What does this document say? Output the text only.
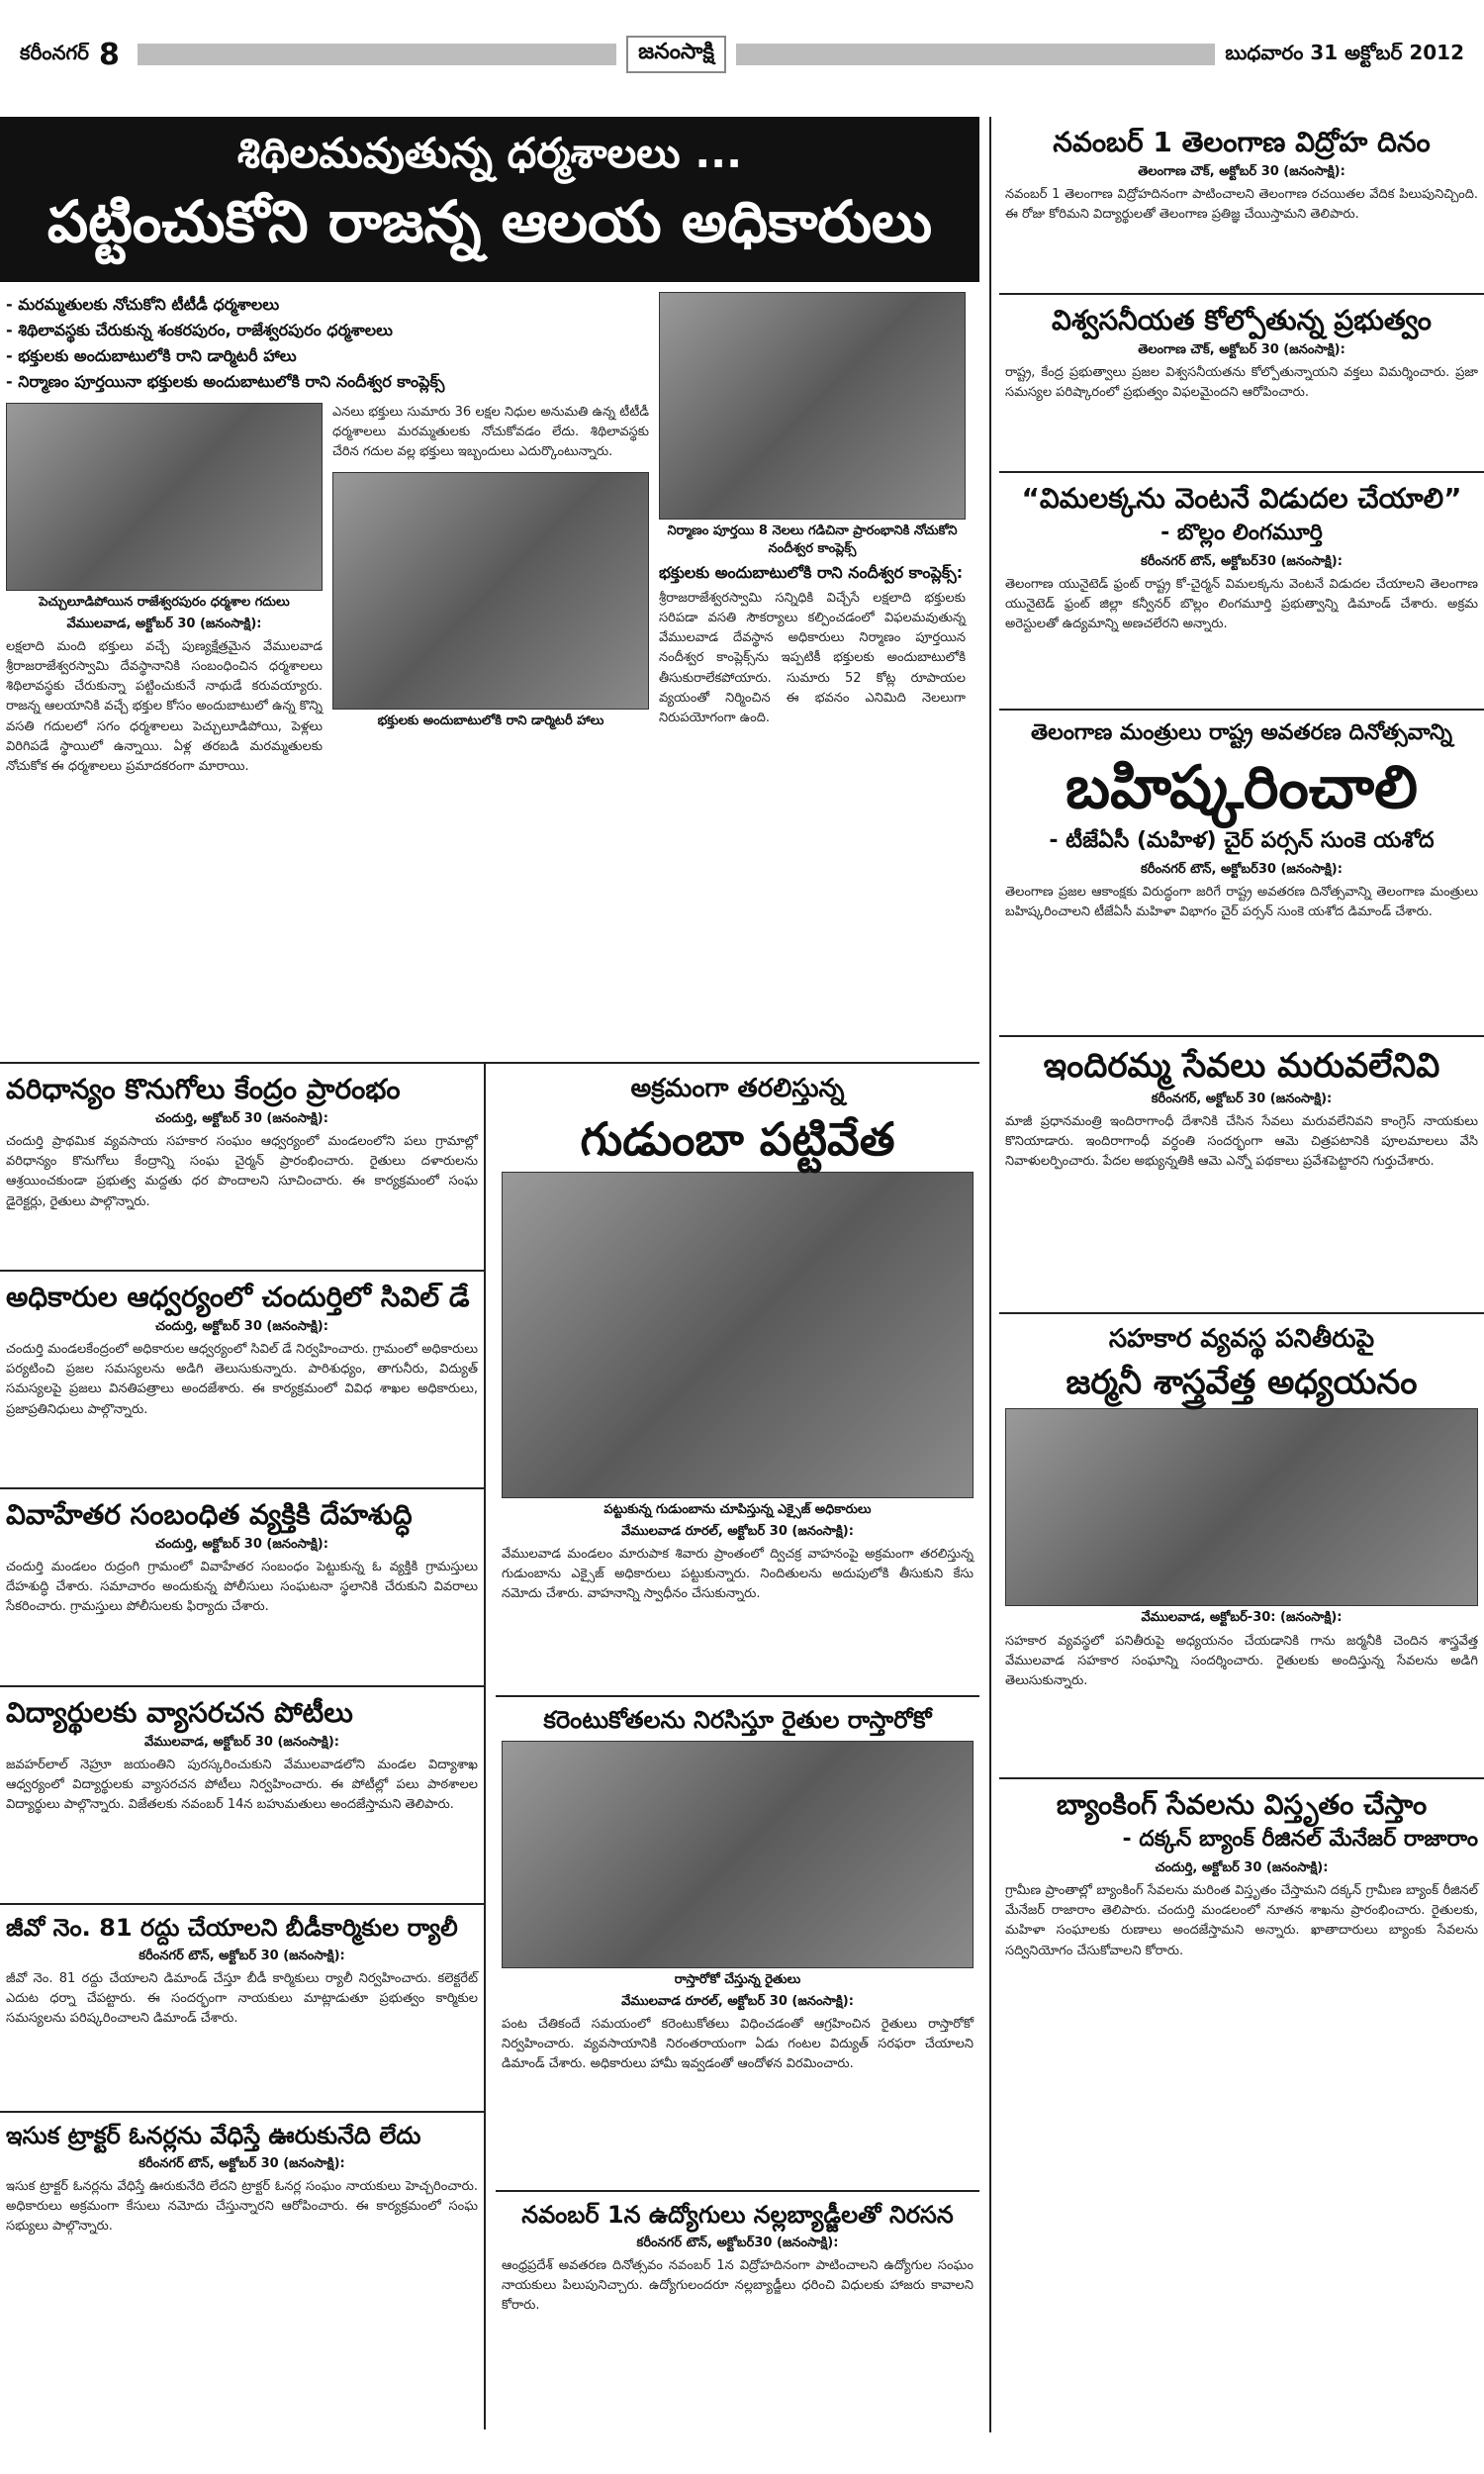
కరీంనగర్ 8	జనంసాక్షి	బుధవారం 31 అక్టోబర్ 2012
శిథిలమవుతున్న ధర్మశాలలు ...
పట్టించుకోని రాజన్న ఆలయ అధికారులు

- మరమ్మతులకు నోచుకోని టీటీడీ ధర్మశాలలు

- శిథిలావస్థకు చేరుకున్న శంకరపురం, రాజేశ్వరపురం ధర్మశాలలు

- భక్తులకు అందుబాటులోకి రాని డార్మిటరీ హాలు

- నిర్మాణం పూర్తయినా భక్తులకు అందుబాటులోకి రాని నందీశ్వర కాంప్లెక్స్

పెచ్చులూడిపోయిన రాజేశ్వరపురం ధర్మశాల గదులు

వేములవాడ, అక్టోబర్ 30 (జనంసాక్షి):

లక్షలాది మంది భక్తులు వచ్చే పుణ్యక్షేత్రమైన వేములవాడ శ్రీరాజరాజేశ్వరస్వామి దేవస్థానానికి సంబంధించిన ధర్మశాలలు శిథిలావస్థకు చేరుకున్నా పట్టించుకునే నాథుడే కరువయ్యారు. రాజన్న ఆలయానికి వచ్చే భక్తుల కోసం అందుబాటులో ఉన్న కొన్ని వసతి గదులలో సగం ధర్మశాలలు పెచ్చులూడిపోయి, పెళ్లలు విరిగిపడే స్థాయిలో ఉన్నాయి. ఏళ్ల తరబడి మరమ్మతులకు నోచుకోక ఈ ధర్మశాలలు ప్రమాదకరంగా మారాయి.

ఎనలు భక్తులు సుమారు 36 లక్షల నిధుల అనుమతి ఉన్న టీటీడీ ధర్మశాలలు మరమ్మతులకు నోచుకోవడం లేదు. శిథిలావస్థకు చేరిన గదుల వల్ల భక్తులు ఇబ్బందులు ఎదుర్కొంటున్నారు.

భక్తులకు అందుబాటులోకి రాని డార్మిటరీ హాలు

నిర్మాణం పూర్తయి 8 నెలలు గడిచినా ప్రారంభానికి నోచుకోని నందీశ్వర కాంప్లెక్స్

భక్తులకు అందుబాటులోకి రాని నందీశ్వర కాంప్లెక్స్:

శ్రీరాజరాజేశ్వరస్వామి సన్నిధికి విచ్చేసే లక్షలాది భక్తులకు సరిపడా వసతి సౌకర్యాలు కల్పించడంలో విఫలమవుతున్న వేములవాడ దేవస్థాన అధికారులు నిర్మాణం పూర్తయిన నందీశ్వర కాంప్లెక్స్‌ను ఇప్పటికీ భక్తులకు అందుబాటులోకి తీసుకురాలేకపోయారు. సుమారు 52 కోట్ల రూపాయల వ్యయంతో నిర్మించిన ఈ భవనం ఎనిమిది నెలలుగా నిరుపయోగంగా ఉంది.

వరిధాన్యం కొనుగోలు కేంద్రం ప్రారంభం

చందుర్తి, అక్టోబర్ 30 (జనంసాక్షి):

చందుర్తి ప్రాథమిక వ్యవసాయ సహకార సంఘం ఆధ్వర్యంలో మండలంలోని పలు గ్రామాల్లో వరిధాన్యం కొనుగోలు కేంద్రాన్ని సంఘ చైర్మన్ ప్రారంభించారు. రైతులు దళారులను ఆశ్రయించకుండా ప్రభుత్వ మద్దతు ధర పొందాలని సూచించారు. ఈ కార్యక్రమంలో సంఘ డైరెక్టర్లు, రైతులు పాల్గొన్నారు.

అధికారుల ఆధ్వర్యంలో చందుర్తిలో సివిల్ డే

చందుర్తి, అక్టోబర్ 30 (జనంసాక్షి):

చందుర్తి మండలకేంద్రంలో అధికారుల ఆధ్వర్యంలో సివిల్ డే నిర్వహించారు. గ్రామంలో అధికారులు పర్యటించి ప్రజల సమస్యలను అడిగి తెలుసుకున్నారు. పారిశుధ్యం, తాగునీరు, విద్యుత్ సమస్యలపై ప్రజలు వినతిపత్రాలు అందజేశారు. ఈ కార్యక్రమంలో వివిధ శాఖల అధికారులు, ప్రజాప్రతినిధులు పాల్గొన్నారు.

వివాహేతర సంబంధిత వ్యక్తికి దేహశుద్ధి

చందుర్తి, అక్టోబర్ 30 (జనంసాక్షి):

చందుర్తి మండలం రుద్రంగి గ్రామంలో వివాహేతర సంబంధం పెట్టుకున్న ఓ వ్యక్తికి గ్రామస్తులు దేహశుద్ధి చేశారు. సమాచారం అందుకున్న పోలీసులు సంఘటనా స్థలానికి చేరుకుని వివరాలు సేకరించారు. గ్రామస్తులు పోలీసులకు ఫిర్యాదు చేశారు.

విద్యార్థులకు వ్యాసరచన పోటీలు

వేములవాడ, అక్టోబర్ 30 (జనంసాక్షి):

జవహర్‌లాల్ నెహ్రూ జయంతిని పురస్కరించుకుని వేములవాడలోని మండల విద్యాశాఖ ఆధ్వర్యంలో విద్యార్థులకు వ్యాసరచన పోటీలు నిర్వహించారు. ఈ పోటీల్లో పలు పాఠశాలల విద్యార్థులు పాల్గొన్నారు. విజేతలకు నవంబర్ 14న బహుమతులు అందజేస్తామని తెలిపారు.

జీవో నెం. 81 రద్దు చేయాలని బీడీకార్మికుల ర్యాలీ

కరీంనగర్ టౌన్, అక్టోబర్ 30 (జనంసాక్షి):

జీవో నెం. 81 రద్దు చేయాలని డిమాండ్ చేస్తూ బీడీ కార్మికులు ర్యాలీ నిర్వహించారు. కలెక్టరేట్ ఎదుట ధర్నా చేపట్టారు. ఈ సందర్భంగా నాయకులు మాట్లాడుతూ ప్రభుత్వం కార్మికుల సమస్యలను పరిష్కరించాలని డిమాండ్ చేశారు.

ఇసుక ట్రాక్టర్ ఓనర్లను వేధిస్తే ఊరుకునేది లేదు

కరీంనగర్ టౌన్, అక్టోబర్ 30 (జనంసాక్షి):

ఇసుక ట్రాక్టర్ ఓనర్లను వేధిస్తే ఊరుకునేది లేదని ట్రాక్టర్ ఓనర్ల సంఘం నాయకులు హెచ్చరించారు. అధికారులు అక్రమంగా కేసులు నమోదు చేస్తున్నారని ఆరోపించారు. ఈ కార్యక్రమంలో సంఘ సభ్యులు పాల్గొన్నారు.

అక్రమంగా తరలిస్తున్న

గుడుంబా పట్టివేత

పట్టుకున్న గుడుంబాను చూపిస్తున్న ఎక్సైజ్ అధికారులు

వేములవాడ రూరల్, అక్టోబర్ 30 (జనంసాక్షి):

వేములవాడ మండలం మారుపాక శివారు ప్రాంతంలో ద్విచక్ర వాహనంపై అక్రమంగా తరలిస్తున్న గుడుంబాను ఎక్సైజ్ అధికారులు పట్టుకున్నారు. నిందితులను అదుపులోకి తీసుకుని కేసు నమోదు చేశారు. వాహనాన్ని స్వాధీనం చేసుకున్నారు.

కరెంటుకోతలను నిరసిస్తూ రైతుల రాస్తారోకో

రాస్తారోకో చేస్తున్న రైతులు

వేములవాడ రూరల్, అక్టోబర్ 30 (జనంసాక్షి):

పంట చేతికందే సమయంలో కరెంటుకోతలు విధించడంతో ఆగ్రహించిన రైతులు రాస్తారోకో నిర్వహించారు. వ్యవసాయానికి నిరంతరాయంగా ఏడు గంటల విద్యుత్ సరఫరా చేయాలని డిమాండ్ చేశారు. అధికారులు హామీ ఇవ్వడంతో ఆందోళన విరమించారు.

నవంబర్ 1న ఉద్యోగులు నల్లబ్యాడ్జీలతో నిరసన

కరీంనగర్ టౌన్, అక్టోబర్30 (జనంసాక్షి):

ఆంధ్రప్రదేశ్ అవతరణ దినోత్సవం నవంబర్ 1న విద్రోహదినంగా పాటించాలని ఉద్యోగుల సంఘం నాయకులు పిలుపునిచ్చారు. ఉద్యోగులందరూ నల్లబ్యాడ్జీలు ధరించి విధులకు హాజరు కావాలని కోరారు.

నవంబర్ 1 తెలంగాణ విద్రోహ దినం

తెలంగాణ చౌక్, అక్టోబర్ 30 (జనంసాక్షి):

నవంబర్ 1 తెలంగాణ విద్రోహదినంగా పాటించాలని తెలంగాణ రచయితల వేదిక పిలుపునిచ్చింది. ఈ రోజు కోరిమని విద్యార్థులతో తెలంగాణ ప్రతిజ్ఞ చేయిస్తామని తెలిపారు.

విశ్వసనీయత కోల్పోతున్న ప్రభుత్వం

తెలంగాణ చౌక్, అక్టోబర్ 30 (జనంసాక్షి):

రాష్ట్ర, కేంద్ర ప్రభుత్వాలు ప్రజల విశ్వసనీయతను కోల్పోతున్నాయని వక్తలు విమర్శించారు. ప్రజా సమస్యల పరిష్కారంలో ప్రభుత్వం విఫలమైందని ఆరోపించారు.

“విమలక్కను వెంటనే విడుదల చేయాలి”

- బొల్లం లింగమూర్తి

కరీంనగర్ టౌన్, అక్టోబర్30 (జనంసాక్షి):

తెలంగాణ యునైటెడ్ ఫ్రంట్ రాష్ట్ర కో-చైర్మన్ విమలక్కను వెంటనే విడుదల చేయాలని తెలంగాణ యునైటెడ్ ఫ్రంట్ జిల్లా కన్వీనర్ బొల్లం లింగమూర్తి ప్రభుత్వాన్ని డిమాండ్ చేశారు. అక్రమ అరెస్టులతో ఉద్యమాన్ని అణచలేరని అన్నారు.

తెలంగాణ మంత్రులు రాష్ట్ర అవతరణ దినోత్సవాన్ని

బహిష్కరించాలి

- టీజేఏసీ (మహిళ) చైర్ పర్సన్ సుంకె యశోద

కరీంనగర్ టౌన్, అక్టోబర్30 (జనంసాక్షి):

తెలంగాణ ప్రజల ఆకాంక్షకు విరుద్ధంగా జరిగే రాష్ట్ర అవతరణ దినోత్సవాన్ని తెలంగాణ మంత్రులు బహిష్కరించాలని టీజేఏసీ మహిళా విభాగం చైర్ పర్సన్ సుంకె యశోద డిమాండ్ చేశారు.

ఇందిరమ్మ సేవలు మరువలేనివి

కరీంనగర్, అక్టోబర్ 30 (జనంసాక్షి):

మాజీ ప్రధానమంత్రి ఇందిరాగాంధీ దేశానికి చేసిన సేవలు మరువలేనివని కాంగ్రెస్ నాయకులు కొనియాడారు. ఇందిరాగాంధీ వర్ధంతి సందర్భంగా ఆమె చిత్రపటానికి పూలమాలలు వేసి నివాళులర్పించారు. పేదల అభ్యున్నతికి ఆమె ఎన్నో పథకాలు ప్రవేశపెట్టారని గుర్తుచేశారు.

సహకార వ్యవస్థ పనితీరుపై

జర్మనీ శాస్త్రవేత్త అధ్యయనం

వేములవాడ, అక్టోబర్-30: (జనంసాక్షి):

సహకార వ్యవస్థలో పనితీరుపై అధ్యయనం చేయడానికి గాను జర్మనీకి చెందిన శాస్త్రవేత్త వేములవాడ సహకార సంఘాన్ని సందర్శించారు. రైతులకు అందిస్తున్న సేవలను అడిగి తెలుసుకున్నారు.

బ్యాంకింగ్ సేవలను విస్తృతం చేస్తాం

- దక్కన్ బ్యాంక్ రీజినల్ మేనేజర్ రాజారాం

చందుర్తి, అక్టోబర్ 30 (జనంసాక్షి):

గ్రామీణ ప్రాంతాల్లో బ్యాంకింగ్ సేవలను మరింత విస్తృతం చేస్తామని దక్కన్ గ్రామీణ బ్యాంక్ రీజినల్ మేనేజర్ రాజారాం తెలిపారు. చందుర్తి మండలంలో నూతన శాఖను ప్రారంభించారు. రైతులకు, మహిళా సంఘాలకు రుణాలు అందజేస్తామని అన్నారు. ఖాతాదారులు బ్యాంకు సేవలను సద్వినియోగం చేసుకోవాలని కోరారు.
